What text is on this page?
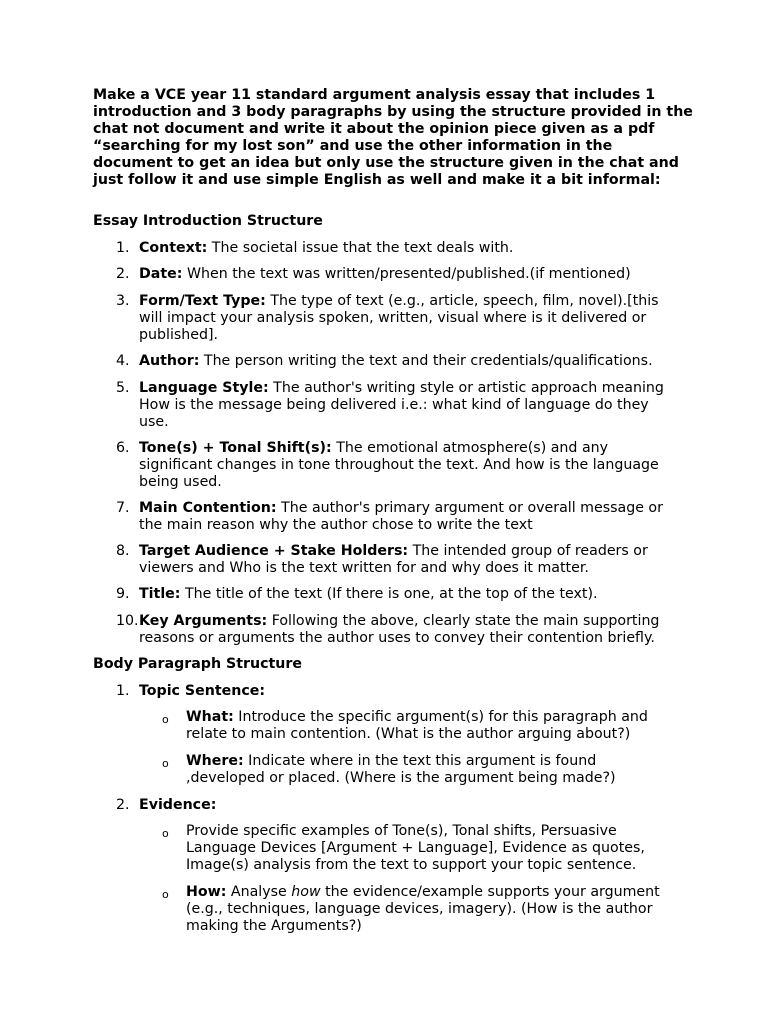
Make a VCE year 11 standard argument analysis essay that includes 1 introduction and 3 body paragraphs by using the structure provided in the chat not document and write it about the opinion piece given as a pdf “searching for my lost son” and use the other information in the document to get an idea but only use the structure given in the chat and just follow it and use simple English as well and make it a bit informal:

Essay Introduction Structure

1. Context: The societal issue that the text deals with.
2. Date: When the text was written/presented/published.(if mentioned)
3. Form/Text Type: The type of text (e.g., article, speech, film, novel).[this will impact your analysis spoken, written, visual where is it delivered or published].
4. Author: The person writing the text and their credentials/qualifications.
5. Language Style: The author's writing style or artistic approach meaning How is the message being delivered i.e.: what kind of language do they use.
6. Tone(s) + Tonal Shift(s): The emotional atmosphere(s) and any significant changes in tone throughout the text. And how is the language being used.
7. Main Contention: The author's primary argument or overall message or the main reason why the author chose to write the text
8. Target Audience + Stake Holders: The intended group of readers or viewers and Who is the text written for and why does it matter.
9. Title: The title of the text (If there is one, at the top of the text).
10. Key Arguments: Following the above, clearly state the main supporting reasons or arguments the author uses to convey their contention briefly.

Body Paragraph Structure

1. Topic Sentence:
o What: Introduce the specific argument(s) for this paragraph and relate to main contention. (What is the author arguing about?)
o Where: Indicate where in the text this argument is found ,developed or placed. (Where is the argument being made?)
2. Evidence:
o Provide specific examples of Tone(s), Tonal shifts, Persuasive Language Devices [Argument + Language], Evidence as quotes, Image(s) analysis from the text to support your topic sentence.
o How: Analyse how the evidence/example supports your argument (e.g., techniques, language devices, imagery). (How is the author making the Arguments?)
